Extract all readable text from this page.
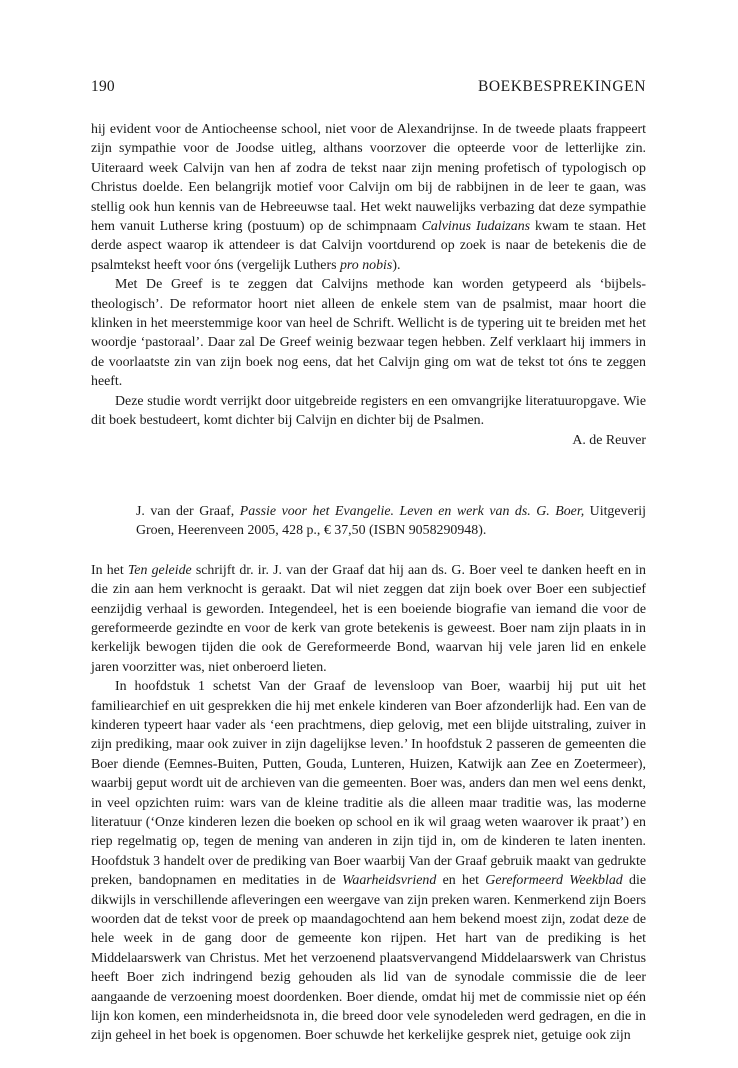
190	BOEKBESPREKINGEN

hij evident voor de Antiocheense school, niet voor de Alexandrijnse. In de tweede plaats frappeert zijn sympathie voor de Joodse uitleg, althans voorzover die opteerde voor de letterlijke zin. Uiteraard week Calvijn van hen af zodra de tekst naar zijn mening profetisch of typologisch op Christus doelde. Een belangrijk motief voor Calvijn om bij de rabbijnen in de leer te gaan, was stellig ook hun kennis van de Hebreeuwse taal. Het wekt nauwelijks verbazing dat deze sympathie hem vanuit Lutherse kring (postuum) op de schimpnaam Calvinus Iudaizans kwam te staan. Het derde aspect waarop ik attendeer is dat Calvijn voortdurend op zoek is naar de betekenis die de psalmtekst heeft voor óns (vergelijk Luthers pro nobis).

Met De Greef is te zeggen dat Calvijns methode kan worden getypeerd als ‘bijbels-theologisch’. De reformator hoort niet alleen de enkele stem van de psalmist, maar hoort die klinken in het meerstemmige koor van heel de Schrift. Wellicht is de typering uit te breiden met het woordje ‘pastoraal’. Daar zal De Greef weinig bezwaar tegen hebben. Zelf verklaart hij immers in de voorlaatste zin van zijn boek nog eens, dat het Calvijn ging om wat de tekst tot óns te zeggen heeft.

Deze studie wordt verrijkt door uitgebreide registers en een omvangrijke literatuuropgave. Wie dit boek bestudeert, komt dichter bij Calvijn en dichter bij de Psalmen.

A. de Reuver

J. van der Graaf, Passie voor het Evangelie. Leven en werk van ds. G. Boer, Uitgeverij Groen, Heerenveen 2005, 428 p., € 37,50 (ISBN 9058290948).

In het Ten geleide schrijft dr. ir. J. van der Graaf dat hij aan ds. G. Boer veel te danken heeft en in die zin aan hem verknocht is geraakt. Dat wil niet zeggen dat zijn boek over Boer een subjectief eenzijdig verhaal is geworden. Integendeel, het is een boeiende biografie van iemand die voor de gereformeerde gezindte en voor de kerk van grote betekenis is geweest. Boer nam zijn plaats in in kerkelijk bewogen tijden die ook de Gereformeerde Bond, waarvan hij vele jaren lid en enkele jaren voorzitter was, niet onberoerd lieten.

In hoofdstuk 1 schetst Van der Graaf de levensloop van Boer, waarbij hij put uit het familiearchief en uit gesprekken die hij met enkele kinderen van Boer afzonderlijk had. Een van de kinderen typeert haar vader als ‘een prachtmens, diep gelovig, met een blijde uitstraling, zuiver in zijn prediking, maar ook zuiver in zijn dagelijkse leven.’ In hoofdstuk 2 passeren de gemeenten die Boer diende (Eemnes-Buiten, Putten, Gouda, Lunteren, Huizen, Katwijk aan Zee en Zoetermeer), waarbij geput wordt uit de archieven van die gemeenten. Boer was, anders dan men wel eens denkt, in veel opzichten ruim: wars van de kleine traditie als die alleen maar traditie was, las moderne literatuur (‘Onze kinderen lezen die boeken op school en ik wil graag weten waarover ik praat’) en riep regelmatig op, tegen de mening van anderen in zijn tijd in, om de kinderen te laten inenten. Hoofdstuk 3 handelt over de prediking van Boer waarbij Van der Graaf gebruik maakt van gedrukte preken, bandopnamen en meditaties in de Waarheidsvriend en het Gereformeerd Weekblad die dikwijls in verschillende afleveringen een weergave van zijn preken waren. Kenmerkend zijn Boers woorden dat de tekst voor de preek op maandagochtend aan hem bekend moest zijn, zodat deze de hele week in de gang door de gemeente kon rijpen. Het hart van de prediking is het Middelaarswerk van Christus. Met het verzoenend plaatsvervangend Middelaarswerk van Christus heeft Boer zich indringend bezig gehouden als lid van de synodale commissie die de leer aangaande de verzoening moest doordenken. Boer diende, omdat hij met de commissie niet op één lijn kon komen, een minderheidsnota in, die breed door vele synodeleden werd gedragen, en die in zijn geheel in het boek is opgenomen. Boer schuwde het kerkelijke gesprek niet, getuige ook zijn
